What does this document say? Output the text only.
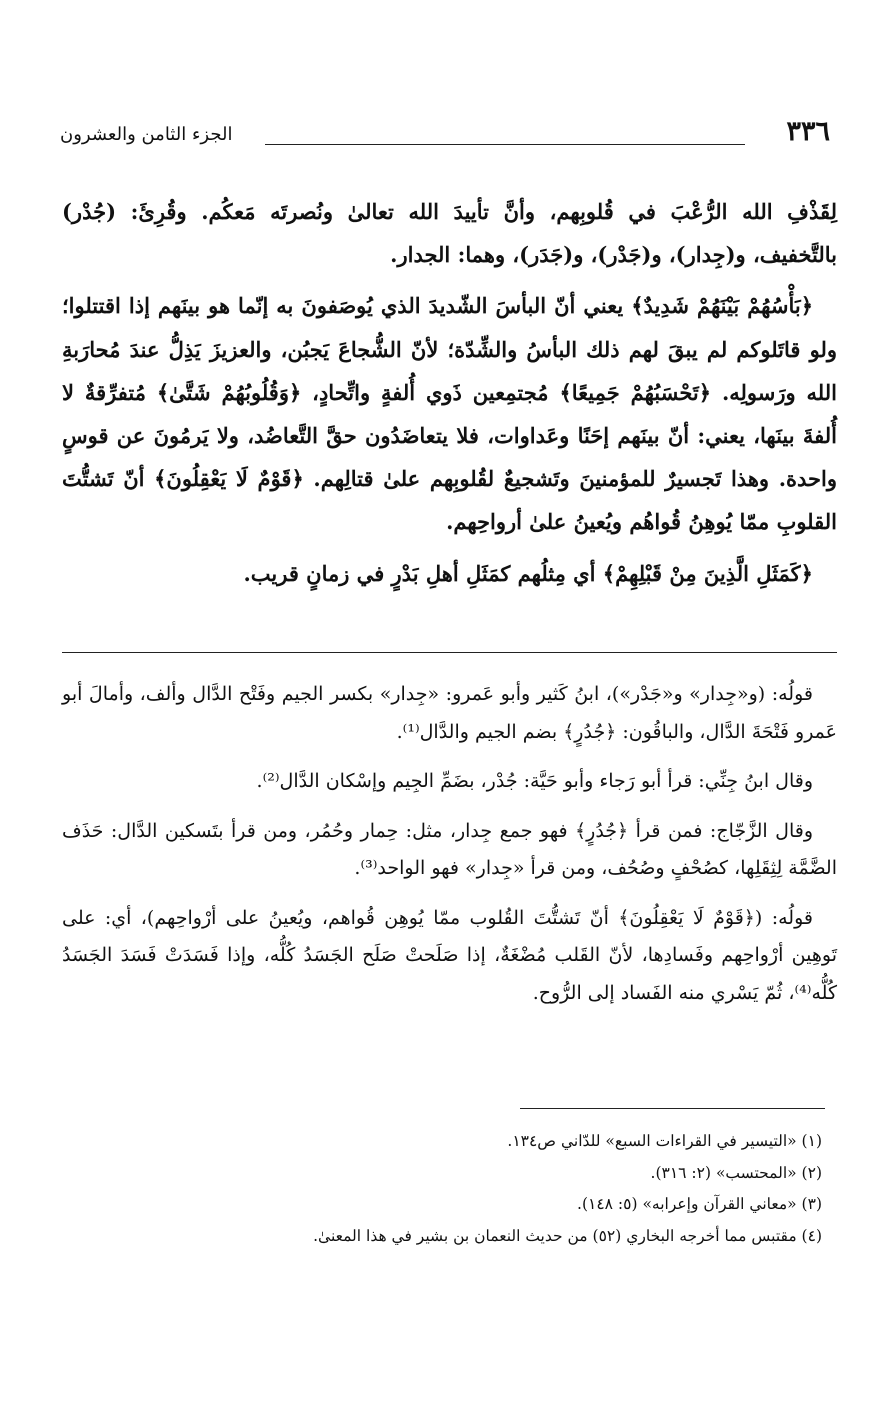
٣٣٦
الجزء الثامن والعشرون

لِقَذْفِ الله الرُّعْبَ في قُلوبِهم، وأنَّ تأييدَ الله تعالىٰ ونُصرتَه مَعكُم. وقُرِئَ: (جُدْر) بالتَّخفيف، و(جِدار)، و(جَدْر)، و(جَدَر)، وهما: الجدار.

﴿بَأْسُهُمْ بَيْنَهُمْ شَدِيدٌ﴾ يعني أنّ البأسَ الشّديدَ الذي يُوصَفونَ به إنّما هو بينَهم إذا اقتتلوا؛ ولو قاتَلوكم لم يبقَ لهم ذلك البأسُ والشِّدّة؛ لأنّ الشُّجاعَ يَجبُن، والعزيزَ يَذِلُّ عندَ مُحارَبةِ الله ورَسولِه. ﴿تَحْسَبُهُمْ جَمِيعًا﴾ مُجتمِعين ذَوي أُلفةٍ واتِّحادٍ، ﴿وَقُلُوبُهُمْ شَتَّىٰ﴾ مُتفرِّقةٌ لا أُلفةَ بينَها، يعني: أنّ بينَهم إحَنًا وعَداوات، فلا يتعاضَدُون حقَّ التَّعاضُد، ولا يَرمُونَ عن قوسٍ واحدة. وهذا تَجسيرٌ للمؤمنينَ وتَشجيعٌ لقُلوبِهم علىٰ قتالِهم. ﴿قَوْمٌ لَا يَعْقِلُونَ﴾ أنّ تَشتُّتَ القلوبِ ممّا يُوهِنُ قُواهُم ويُعينُ علىٰ أرواحِهم.

﴿كَمَثَلِ الَّذِينَ مِنْ قَبْلِهِمْ﴾ أي مِثلُهم كمَثَلِ أهلِ بَدْرٍ في زمانٍ قريب.

قولُه: (و«جِدار» و«جَدْر»)، ابنُ كَثير وأبو عَمرو: «جِدار» بكسر الجيم وفَتْح الدَّال وألف، وأمالَ أبو عَمرو فَتْحَةَ الدَّال، والباقُون: ﴿جُدُرٍ﴾ بضم الجيم والدَّال⁽¹⁾.

وقال ابنُ جِنِّي: قرأ أبو رَجاء وأبو حَيَّة: جُدْر، بضَمِّ الجِيم وإسْكان الدَّال⁽²⁾.

وقال الزَّجّاج: فمن قرأ ﴿جُدُرٍ﴾ فهو جمع جِدار، مثل: حِمار وحُمُر، ومن قرأ بتَسكين الدَّال: حَذَف الضَّمَّة لِثِقَلِها، كصُحْفٍ وصُحُف، ومن قرأ «جِدار» فهو الواحد⁽³⁾.

قولُه: (﴿قَوْمٌ لَا يَعْقِلُونَ﴾ أنّ تَشتُّتَ القُلوب ممّا يُوهِن قُواهم، ويُعينُ على أرْواحِهم)، أي: على تَوهِين أرْواحِهم وفَسادِها، لأنّ القَلب مُضْغَةٌ، إذا صَلَحتْ صَلَح الجَسَدُ كُلُّه، وإذا فَسَدَتْ فَسَدَ الجَسَدُ كُلُّه⁽⁴⁾، ثُمّ يَسْري منه الفَساد إلى الرُّوح.

(١) «التيسير في القراءات السبع» للدّاني ص١٣٤.

(٢) «المحتسب» (٢: ٣١٦).

(٣) «معاني القرآن وإعرابه» (٥: ١٤٨).

(٤) مقتبس مما أخرجه البخاري (٥٢) من حديث النعمان بن بشير في هذا المعنىٰ.
